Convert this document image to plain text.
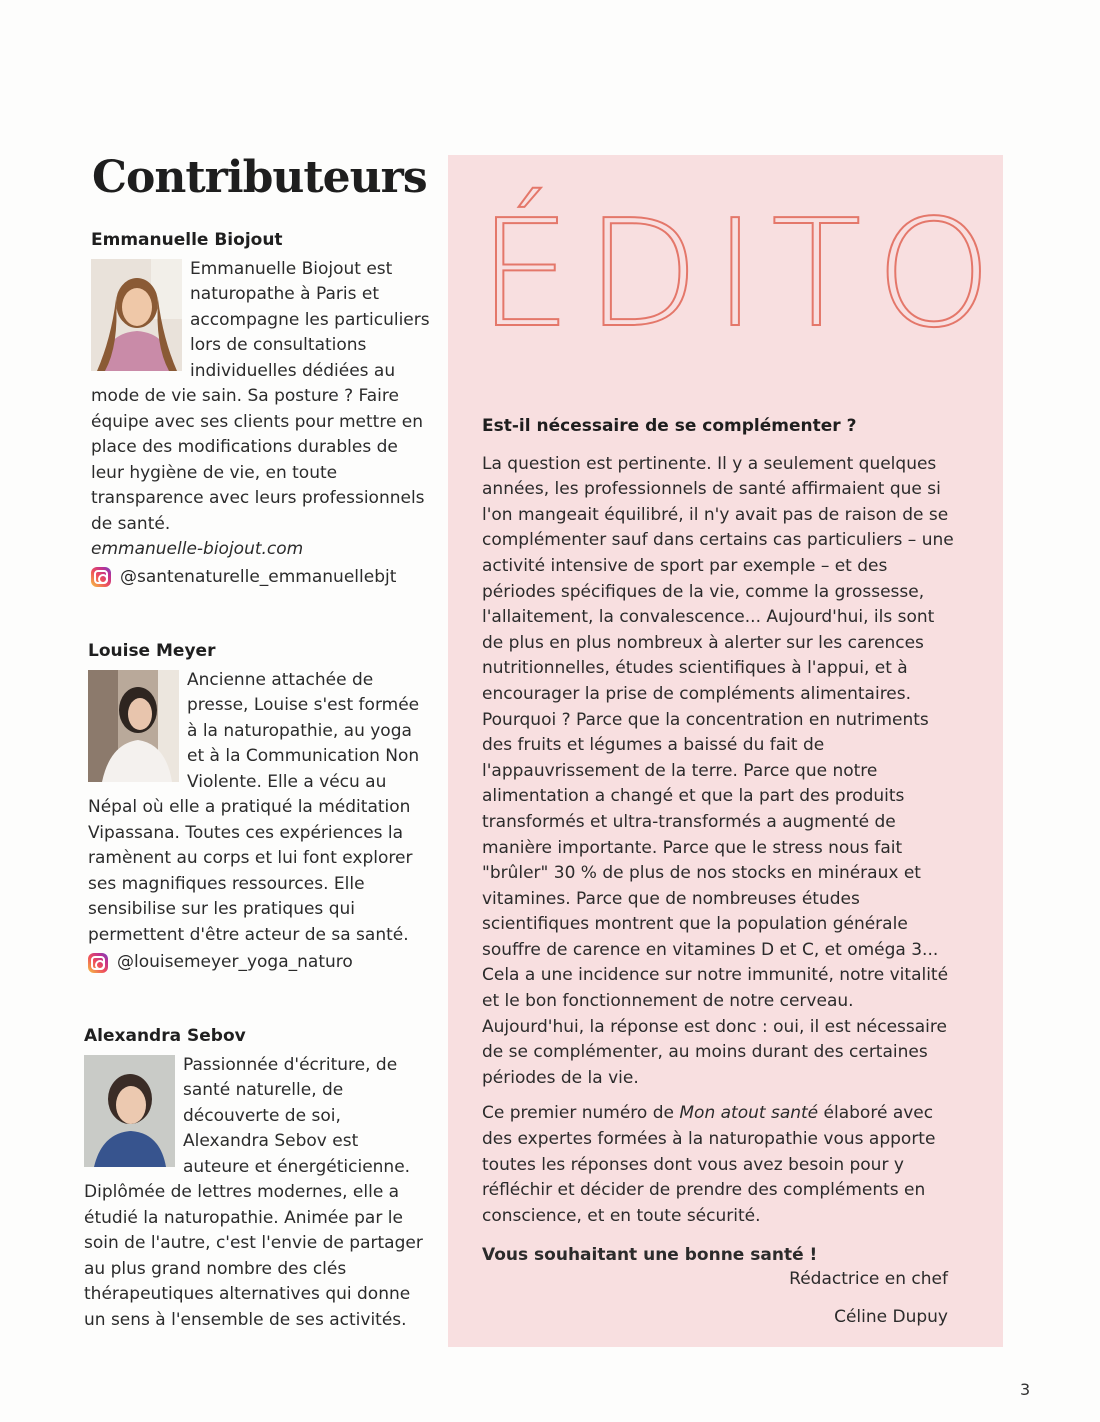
Contributeurs
Emmanuelle Biojout
Emmanuelle Biojout est naturopathe à Paris et accompagne les particuliers lors de consultations individuelles dédiées au mode de vie sain. Sa posture ? Faire équipe avec ses clients pour mettre en place des modifications durables de leur hygiène de vie, en toute transparence avec leurs professionnels de santé.
emmanuelle-biojout.com
@santenaturelle_emmanuellebjt
Louise Meyer
Ancienne attachée de presse, Louise s'est formée à la naturopathie, au yoga et à la Communication Non Violente. Elle a vécu au Népal où elle a pratiqué la méditation Vipassana. Toutes ces expériences la ramènent au corps et lui font explorer ses magnifiques ressources. Elle sensibilise sur les pratiques qui permettent d'être acteur de sa santé.
@louisemeyer_yoga_naturo
Alexandra Sebov
Passionnée d'écriture, de santé naturelle, de découverte de soi, Alexandra Sebov est auteure et énergéticienne. Diplômée de lettres modernes, elle a étudié la naturopathie. Animée par le soin de l'autre, c'est l'envie de partager au plus grand nombre des clés thérapeutiques alternatives qui donne un sens à l'ensemble de ses activités.
ÉDITO
Est-il nécessaire de se complémenter ?

La question est pertinente. Il y a seulement quelques années, les professionnels de santé affirmaient que si l'on mangeait équilibré, il n'y avait pas de raison de se complémenter sauf dans certains cas particuliers – une activité intensive de sport par exemple – et des périodes spécifiques de la vie, comme la grossesse, l'allaitement, la convalescence... Aujourd'hui, ils sont de plus en plus nombreux à alerter sur les carences nutritionnelles, études scientifiques à l'appui, et à encourager la prise de compléments alimentaires. Pourquoi ? Parce que la concentration en nutriments des fruits et légumes a baissé du fait de l'appauvrissement de la terre. Parce que notre alimentation a changé et que la part des produits transformés et ultra-transformés a augmenté de manière importante. Parce que le stress nous fait "brûler" 30 % de plus de nos stocks en minéraux et vitamines. Parce que de nombreuses études scientifiques montrent que la population générale souffre de carence en vitamines D et C, et oméga 3... Cela a une incidence sur notre immunité, notre vitalité et le bon fonctionnement de notre cerveau. Aujourd'hui, la réponse est donc : oui, il est nécessaire de se complémenter, au moins durant des certaines périodes de la vie.

Ce premier numéro de Mon atout santé élaboré avec des expertes formées à la naturopathie vous apporte toutes les réponses dont vous avez besoin pour y réfléchir et décider de prendre des compléments en conscience, et en toute sécurité.

Vous souhaitant une bonne santé !

Rédactrice en chef
Céline Dupuy
3
